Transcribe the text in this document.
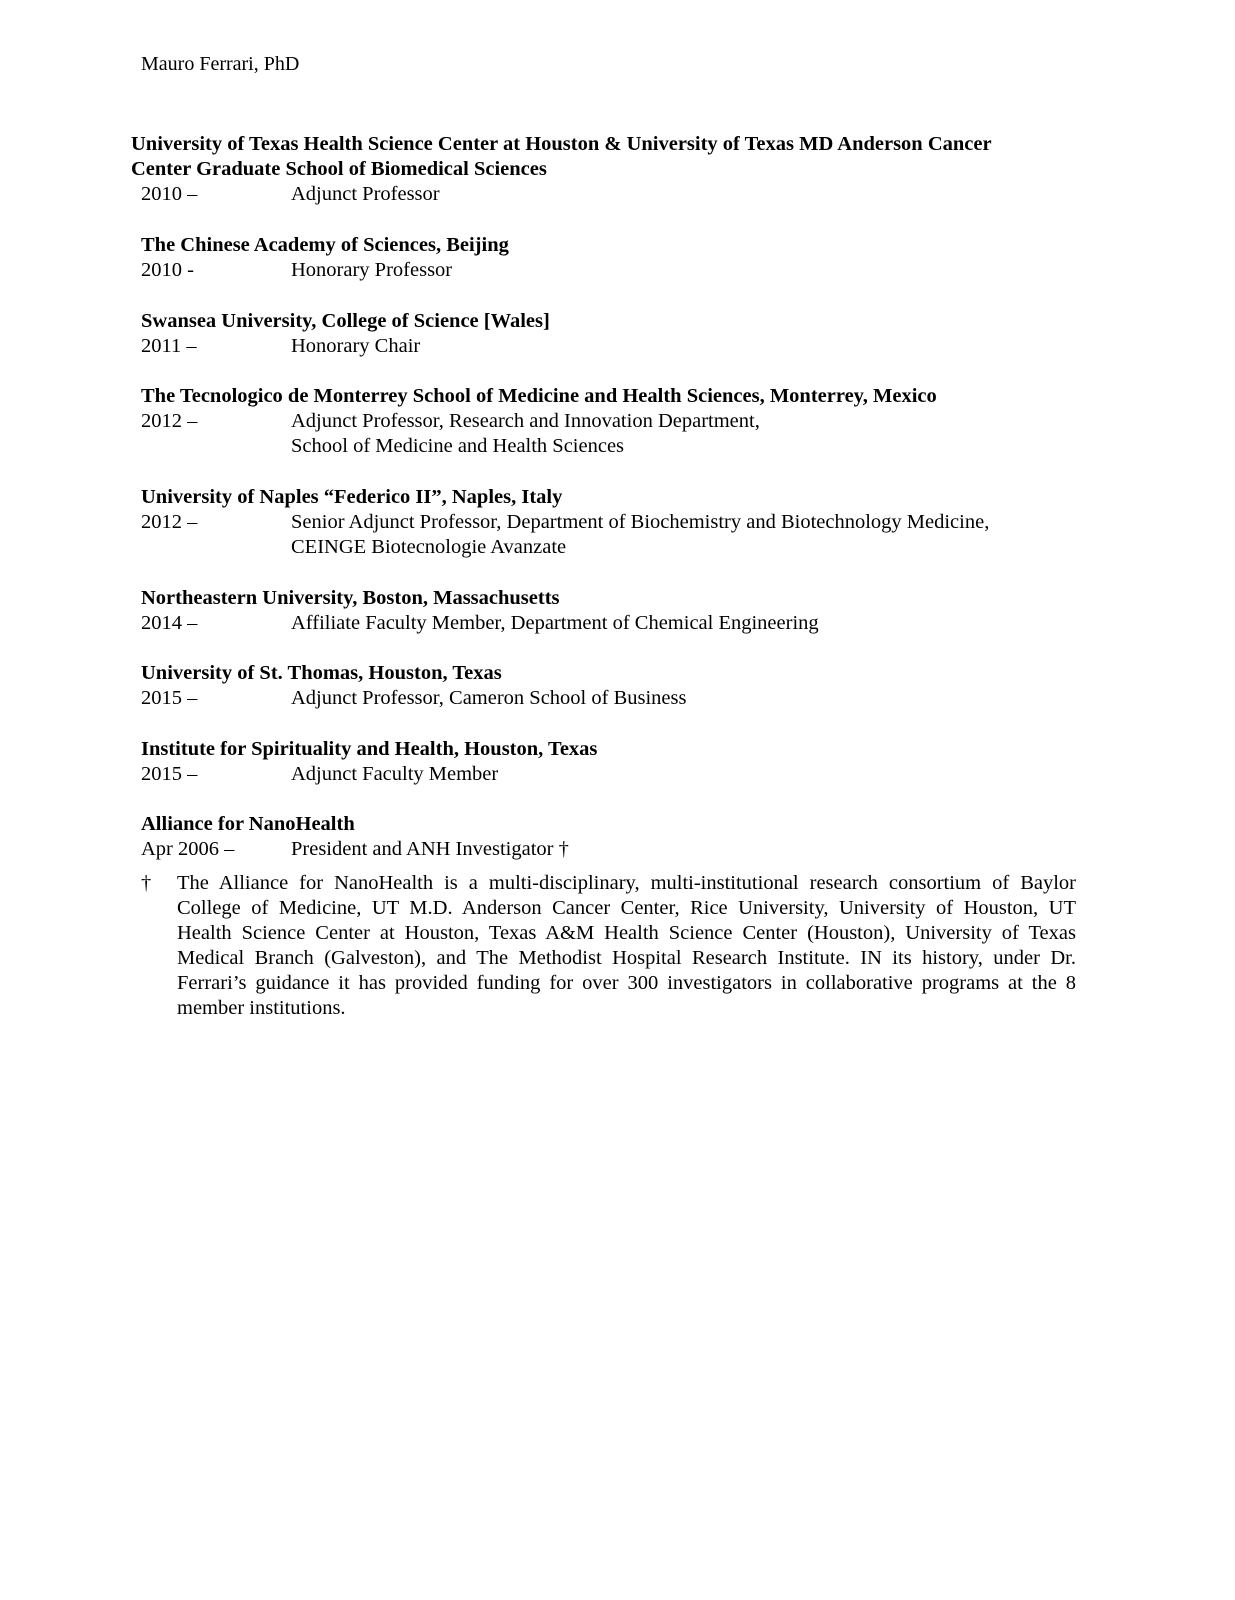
Mauro Ferrari, PhD
University of Texas Health Science Center at Houston & University of Texas MD Anderson Cancer
Center Graduate School of Biomedical Sciences
2010 –	Adjunct Professor
The Chinese Academy of Sciences, Beijing
2010 -	Honorary Professor
Swansea University, College of Science [Wales]
2011 –	Honorary Chair
The Tecnologico de Monterrey School of Medicine and Health Sciences, Monterrey, Mexico
2012 –	Adjunct Professor, Research and Innovation Department,
School of Medicine and Health Sciences
University of Naples “Federico II”, Naples, Italy
2012 –	Senior Adjunct Professor, Department of Biochemistry and Biotechnology Medicine,
CEINGE Biotecnologie Avanzate
Northeastern University, Boston, Massachusetts
2014 –	Affiliate Faculty Member, Department of Chemical Engineering
University of St. Thomas, Houston, Texas
2015 –	Adjunct Professor, Cameron School of Business
Institute for Spirituality and Health, Houston, Texas
2015 –	Adjunct Faculty Member
Alliance for NanoHealth
Apr 2006 –	President and ANH Investigator †
†	The Alliance for NanoHealth is a multi-disciplinary, multi-institutional research consortium of Baylor
College of Medicine, UT M.D. Anderson Cancer Center, Rice University, University of Houston, UT
Health Science Center at Houston, Texas A&M Health Science Center (Houston), University of Texas
Medical Branch (Galveston), and The Methodist Hospital Research Institute. IN its history, under Dr.
Ferrari’s guidance it has provided funding for over 300 investigators in collaborative programs at the 8
member institutions.
